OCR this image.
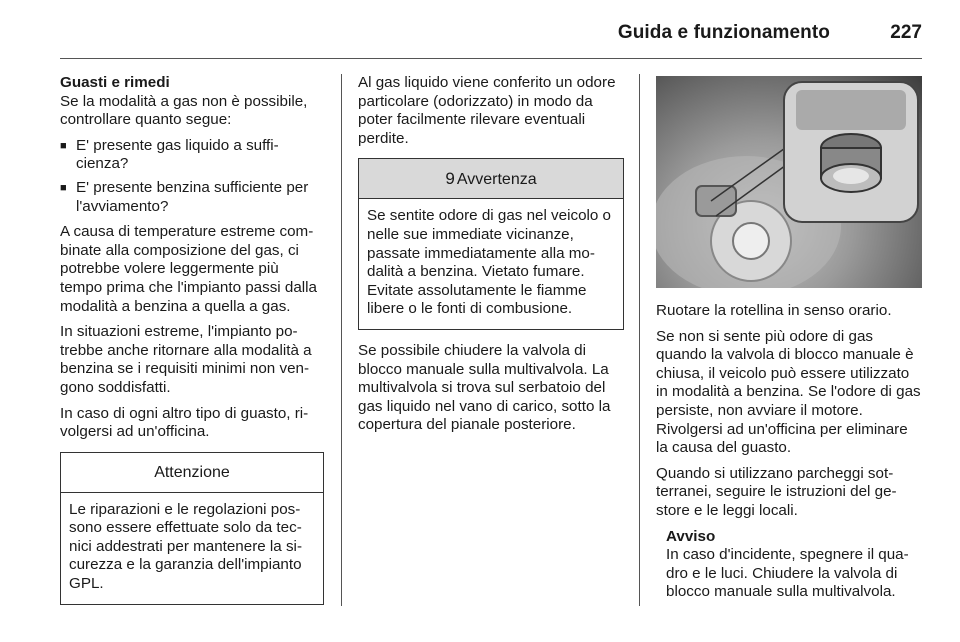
Guida e funzionamento	227
Guasti e rimedi

Se la modalità a gas non è possibile, controllare quanto segue:

■ E' presente gas liquido a sufficienza?
■ E' presente benzina sufficiente per l'avviamento?

A causa di temperature estreme combinate alla composizione del gas, ci potrebbe volere leggermente più tempo prima che l'impianto passi dalla modalità a benzina a quella a gas.

In situazioni estreme, l'impianto potrebbe anche ritornare alla modalità a benzina se i requisiti minimi non vengono soddisfatti.

In caso di ogni altro tipo di guasto, rivolgersi ad un'officina.

Attenzione
Le riparazioni e le regolazioni possono essere effettuate solo da tecnici addestrati per mantenere la sicurezza e la garanzia dell'impianto GPL.

Al gas liquido viene conferito un odore particolare (odorizzato) in modo da poter facilmente rilevare eventuali perdite.

9 Avvertenza
Se sentite odore di gas nel veicolo o nelle sue immediate vicinanze, passate immediatamente alla modalità a benzina. Vietato fumare. Evitate assolutamente le fiamme libere o le fonti di combusione.

Se possibile chiudere la valvola di blocco manuale sulla multivalvola. La multivalvola si trova sul serbatoio del gas liquido nel vano di carico, sotto la copertura del pianale posteriore.

Ruotare la rotellina in senso orario.

Se non si sente più odore di gas quando la valvola di blocco manuale è chiusa, il veicolo può essere utilizzato in modalità a benzina. Se l'odore di gas persiste, non avviare il motore. Rivolgersi ad un'officina per eliminare la causa del guasto.

Quando si utilizzano parcheggi sotterranei, seguire le istruzioni del gestore e le leggi locali.

Avviso
In caso d'incidente, spegnere il quadro e le luci. Chiudere la valvola di blocco manuale sulla multivalvola.
